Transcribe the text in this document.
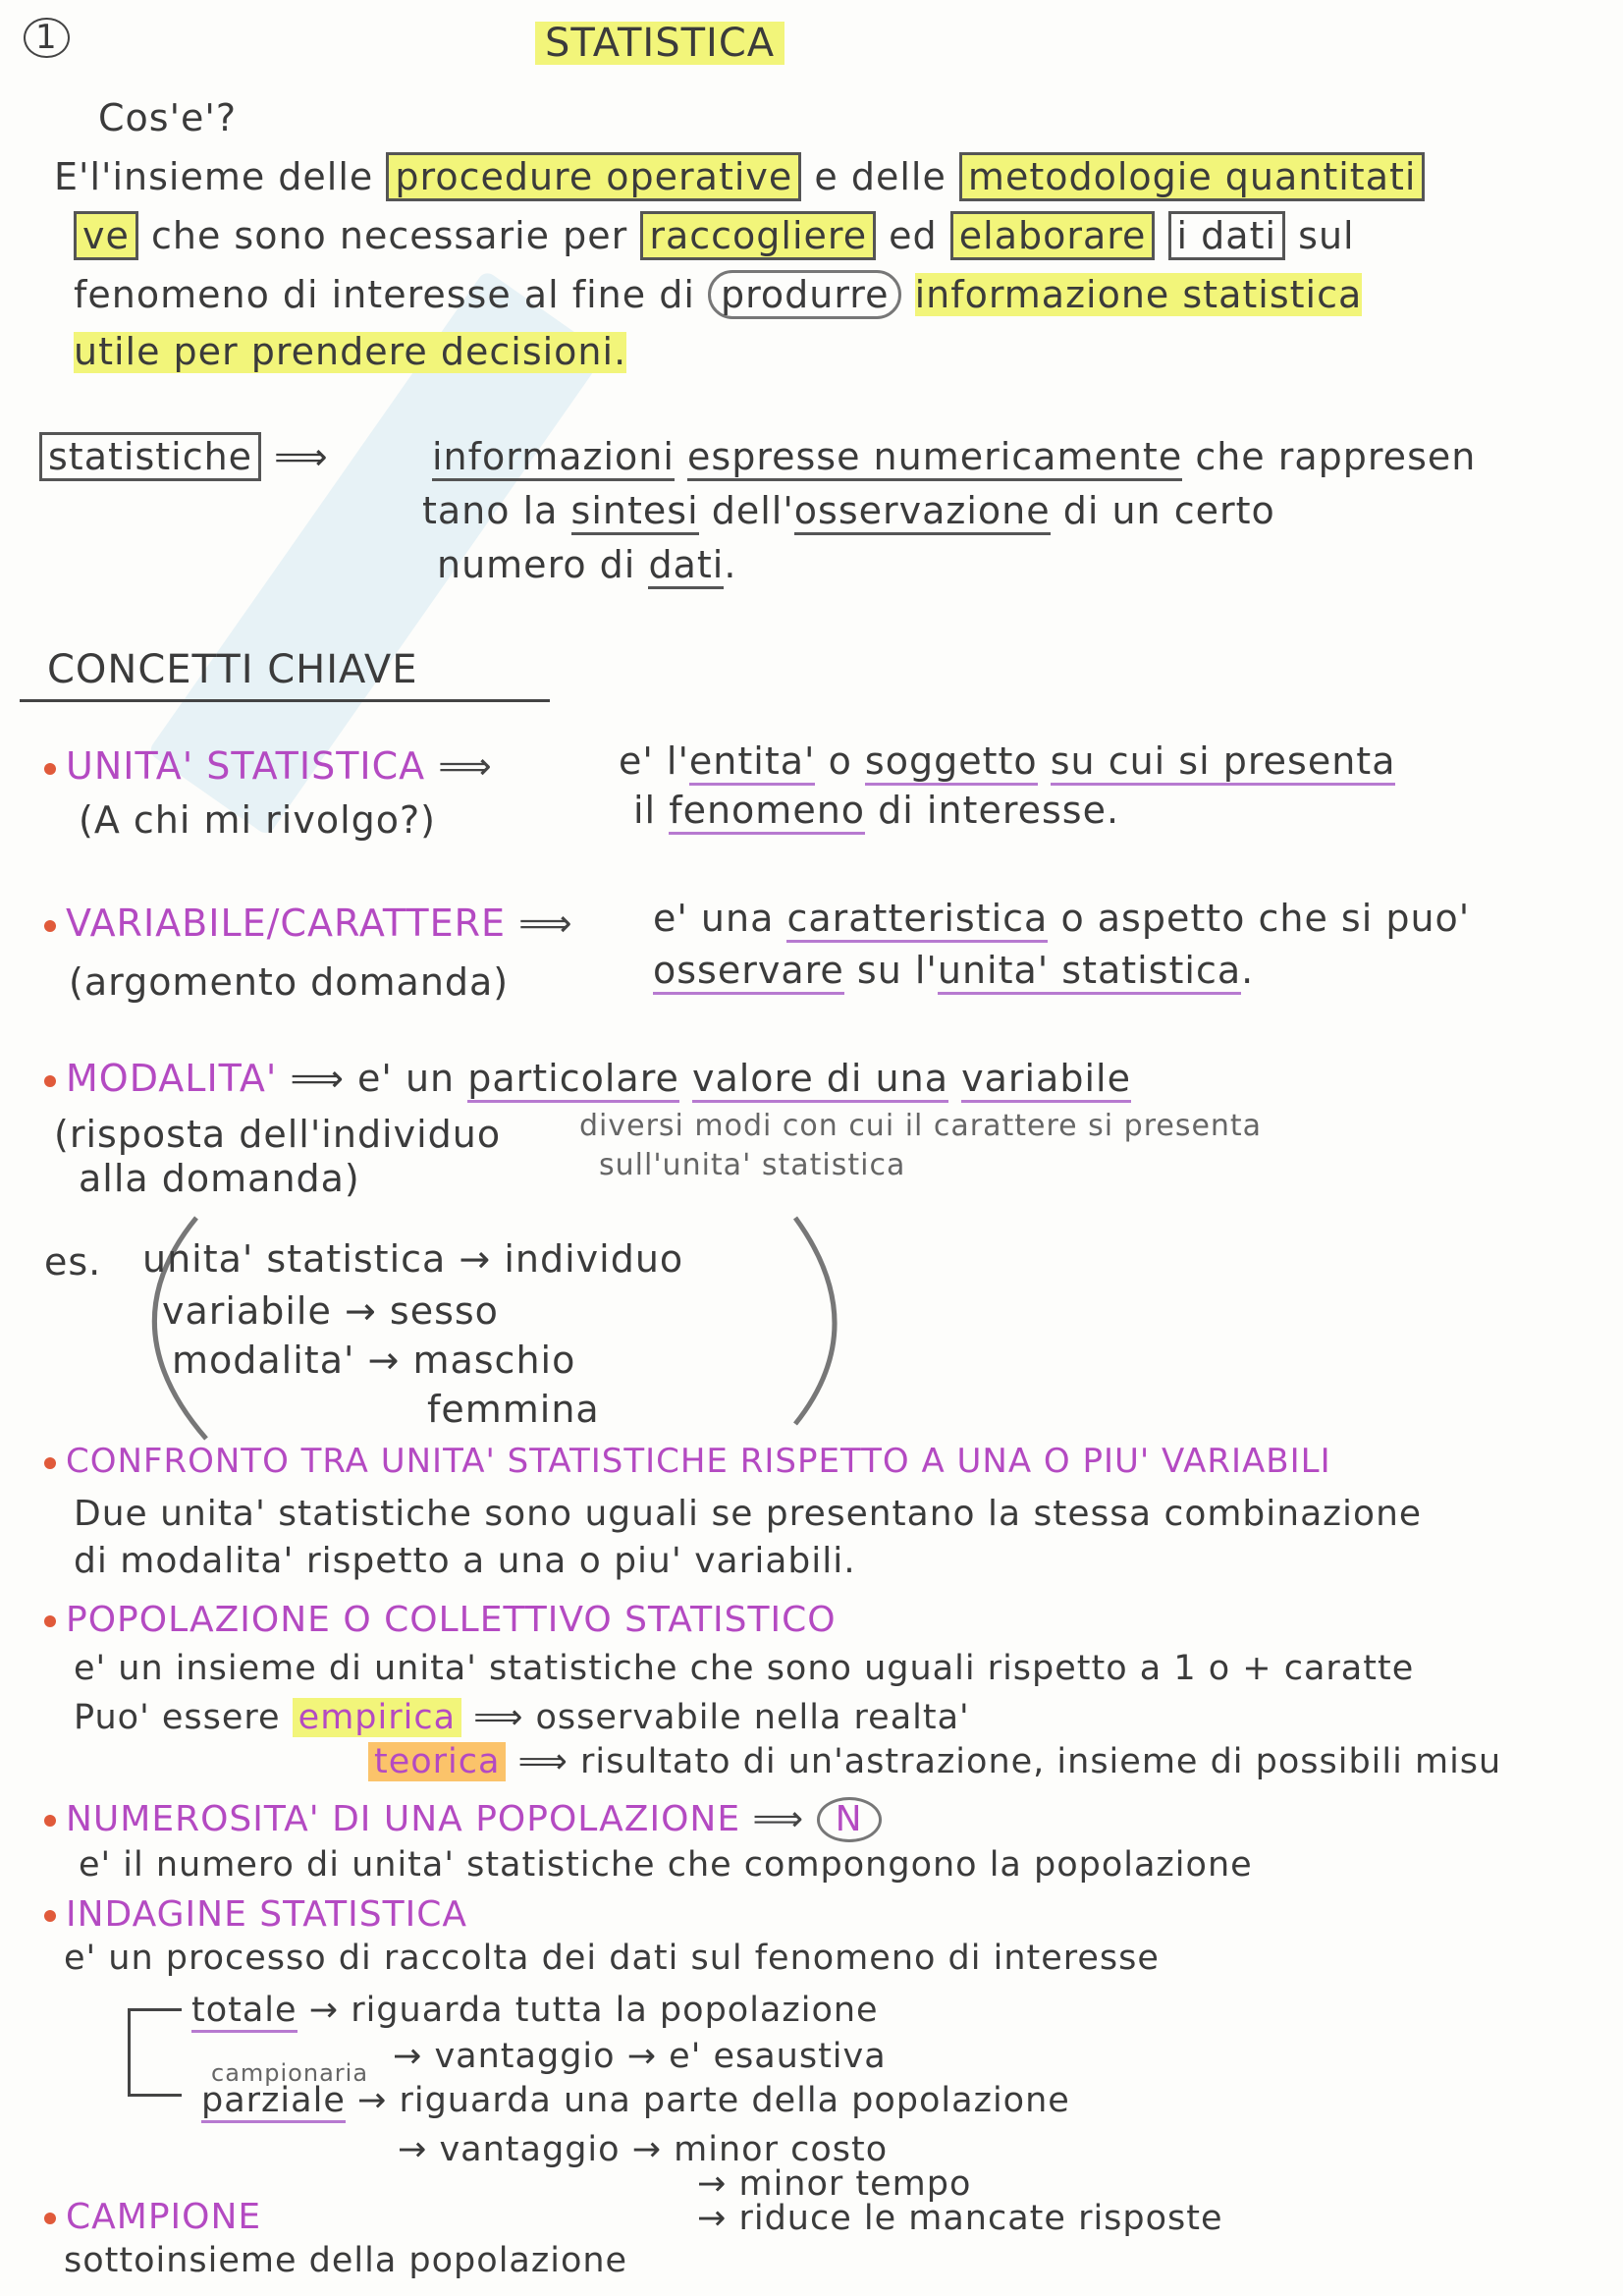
1	STATISTICA
Cos'e'?
E'l'insieme delle procedure operative e delle metodologie quantitati
ve che sono necessarie per raccogliere ed elaborare i dati sul
fenomeno di interesse al fine di produrre informazione statistica
utile per prendere decisioni.
statistiche ⟹	informazioni espresse numericamente che rappresen
tano la sintesi dell'osservazione di un certo
numero di dati.
CONCETTI CHIAVE
UNITA' STATISTICA ⟹
(A chi mi rivolgo?)
e' l'entita' o soggetto su cui si presenta
il fenomeno di interesse.
VARIABILE/CARATTERE ⟹
(argomento domanda)
e' una caratteristica o aspetto che si puo'
osservare su l'unita' statistica.
MODALITA' ⟹ e' un particolare valore di una variabile
(risposta dell'individuo
alla domanda)
diversi modi con cui il carattere si presenta
sull'unita' statistica
es. unita' statistica → individuo
variabile → sesso
modalita' → maschio
femmina
CONFRONTO TRA UNITA' STATISTICHE RISPETTO A UNA O PIU' VARIABILI
Due unita' statistiche sono uguali se presentano la stessa combinazione
di modalita' rispetto a una o piu' variabili.
POPOLAZIONE O COLLETTIVO STATISTICO
e' un insieme di unita' statistiche che sono uguali rispetto a 1 o + caratte
Puo' essere empirica ⟹ osservabile nella realta'
teorica ⟹ risultato di un'astrazione, insieme di possibili misu
NUMEROSITA' DI UNA POPOLAZIONE ⟹ N
e' il numero di unita' statistiche che compongono la popolazione
INDAGINE STATISTICA
e' un processo di raccolta dei dati sul fenomeno di interesse
totale → riguarda tutta la popolazione
→ vantaggio → e' esaustiva
campionaria
parziale → riguarda una parte della popolazione
→ vantaggio → minor costo
→ minor tempo
→ riduce le mancate risposte
CAMPIONE
sottoinsieme della popolazione
